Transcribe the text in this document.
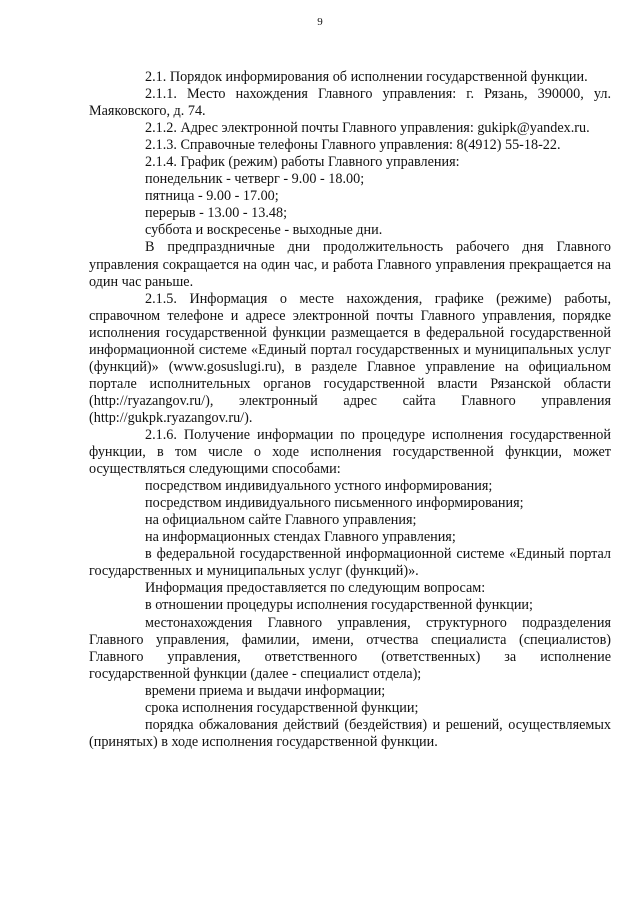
9

2.1. Порядок информирования об исполнении государственной функции.

2.1.1. Место нахождения Главного управления: г. Рязань, 390000, ул. Маяковского, д. 74.

2.1.2. Адрес электронной почты Главного управления: gukipk@yandex.ru.

2.1.3. Справочные телефоны Главного управления: 8(4912) 55-18-22.

2.1.4. График (режим) работы Главного управления:

понедельник - четверг - 9.00 - 18.00;

пятница - 9.00 - 17.00;

перерыв - 13.00 - 13.48;

суббота и воскресенье - выходные дни.

В предпраздничные дни продолжительность рабочего дня Главного управления сокращается на один час, и работа Главного управления прекращается на один час раньше.

2.1.5. Информация о месте нахождения, графике (режиме) работы, справочном телефоне и адресе электронной почты Главного управления, порядке исполнения государственной функции размещается в федеральной государственной информационной системе «Единый портал государственных и муниципальных услуг (функций)» (www.gosuslugi.ru), в разделе Главное управление на официальном портале исполнительных органов государственной власти Рязанской области (http://ryazangov.ru/), электронный адрес сайта Главного управления (http://gukpk.ryazangov.ru/).

2.1.6. Получение информации по процедуре исполнения государственной функции, в том числе о ходе исполнения государственной функции, может осуществляться следующими способами:

посредством индивидуального устного информирования;

посредством индивидуального письменного информирования;

на официальном сайте Главного управления;

на информационных стендах Главного управления;

в федеральной государственной информационной системе «Единый портал государственных и муниципальных услуг (функций)».

Информация предоставляется по следующим вопросам:

в отношении процедуры исполнения государственной функции;

местонахождения Главного управления, структурного подразделения Главного управления, фамилии, имени, отчества специалиста (специалистов) Главного управления, ответственного (ответственных) за исполнение государственной функции (далее - специалист отдела);

времени приема и выдачи информации;

срока исполнения государственной функции;

порядка обжалования действий (бездействия) и решений, осуществляемых (принятых) в ходе исполнения государственной функции.
